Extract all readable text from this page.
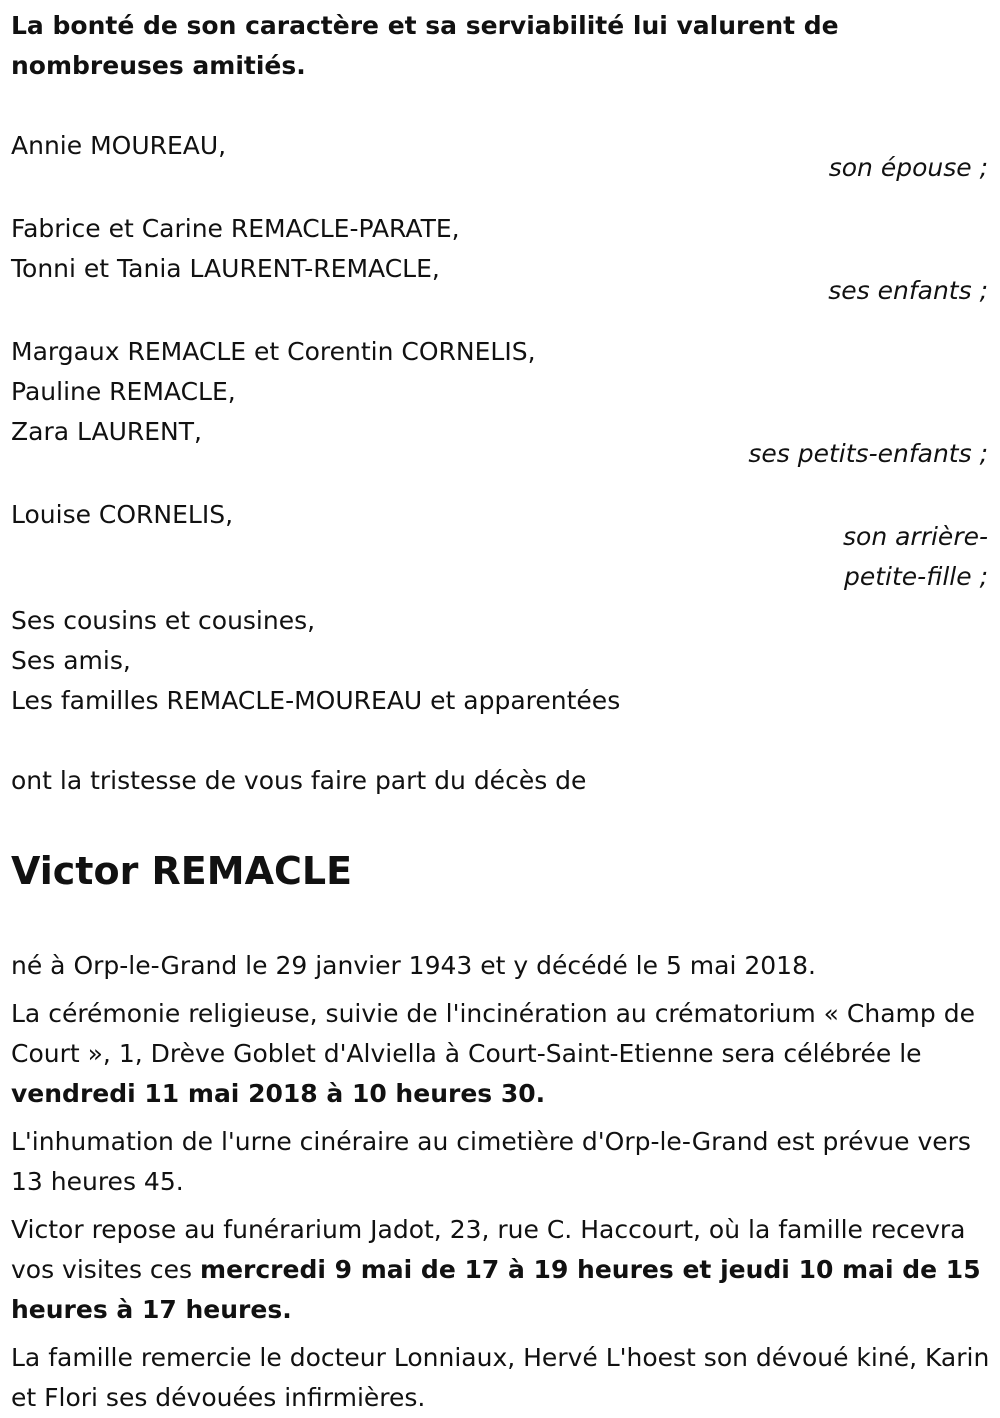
La bonté de son caractère et sa serviabilité lui valurent de
nombreuses amitiés.

Annie MOUREAU,
son épouse ;
Fabrice et Carine REMACLE-PARATE,
Tonni et Tania LAURENT-REMACLE,
ses enfants ;
Margaux REMACLE et Corentin CORNELIS,
Pauline REMACLE,
Zara LAURENT,
ses petits-enfants ;
Louise CORNELIS,
son arrière-
petite-fille ;
Ses cousins et cousines,
Ses amis,
Les familles REMACLE-MOUREAU et apparentées
ont la tristesse de vous faire part du décès de
Victor REMACLE

né à Orp-le-Grand le 29 janvier 1943 et y décédé le 5 mai 2018.

La cérémonie religieuse, suivie de l'incinération au crématorium « Champ de Court », 1, Drève Goblet d'Alviella à Court-Saint-Etienne sera célébrée le vendredi 11 mai 2018 à 10 heures 30.

L'inhumation de l'urne cinéraire au cimetière d'Orp-le-Grand est prévue vers 13 heures 45.

Victor repose au funérarium Jadot, 23, rue C. Haccourt, où la famille recevra vos visites ces mercredi 9 mai de 17 à 19 heures et jeudi 10 mai de 15 heures à 17 heures.

La famille remercie le docteur Lonniaux, Hervé L'hoest son dévoué kiné, Karin et Flori ses dévouées infirmières.
